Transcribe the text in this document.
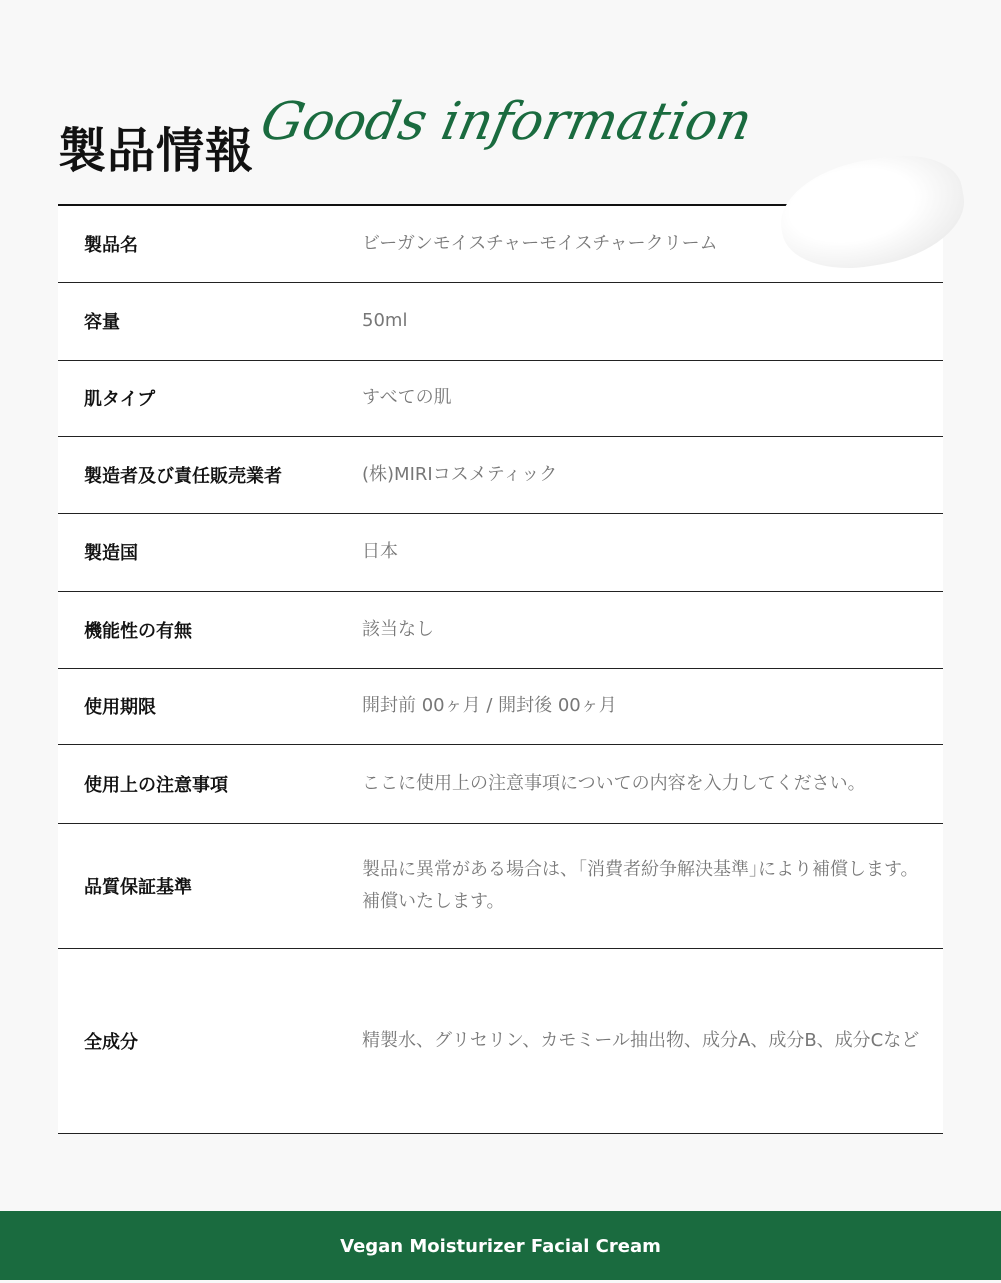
製品情報 Goods information
製品名	ビーガンモイスチャーモイスチャークリーム
容量	50ml
肌タイプ	すべての肌
製造者及び責任販売業者	(株)MIRIコスメティック
製造国	日本
機能性の有無	該当なし
使用期限	開封前 00ヶ月 / 開封後 00ヶ月
使用上の注意事項	ここに使用上の注意事項についての内容を入力してください。
品質保証基準	製品に異常がある場合は、｢消費者紛争解決基準｣により補償します。補償いたします。
全成分	精製水、グリセリン、カモミール抽出物、成分A、成分B、成分Cなど
Vegan Moisturizer Facial Cream
